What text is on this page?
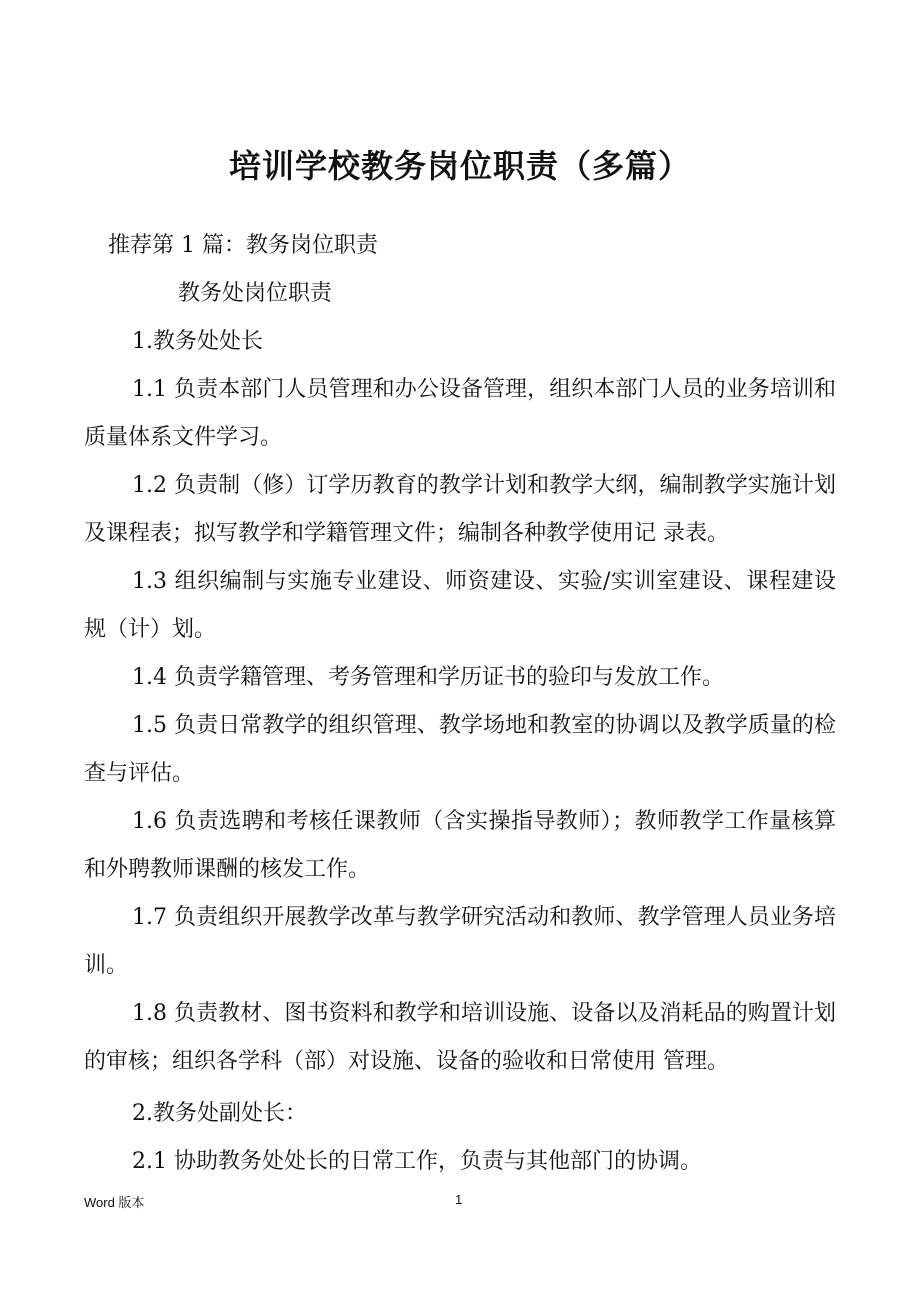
培训学校教务岗位职责（多篇）
推荐第 1 篇：教务岗位职责
教务处岗位职责
1.教务处处长
1.1 负责本部门人员管理和办公设备管理，组织本部门人员的业务培训和质量体系文件学习。
1.2 负责制（修）订学历教育的教学计划和教学大纲，编制教学实施计划及课程表；拟写教学和学籍管理文件；编制各种教学使用记 录表。
1.3 组织编制与实施专业建设、师资建设、实验/实训室建设、课程建设 规（计）划。
1.4 负责学籍管理、考务管理和学历证书的验印与发放工作。
1.5 负责日常教学的组织管理、教学场地和教室的协调以及教学质量的检查与评估。
1.6 负责选聘和考核任课教师（含实操指导教师）；教师教学工作量核算和外聘教师课酬的核发工作。
1.7 负责组织开展教学改革与教学研究活动和教师、教学管理人员业务培训。
1.8 负责教材、图书资料和教学和培训设施、设备以及消耗品的购置计划的审核；组织各学科（部）对设施、设备的验收和日常使用 管理。
2.教务处副处长：
2.1 协助教务处处长的日常工作，负责与其他部门的协调。
Word 版本	1
